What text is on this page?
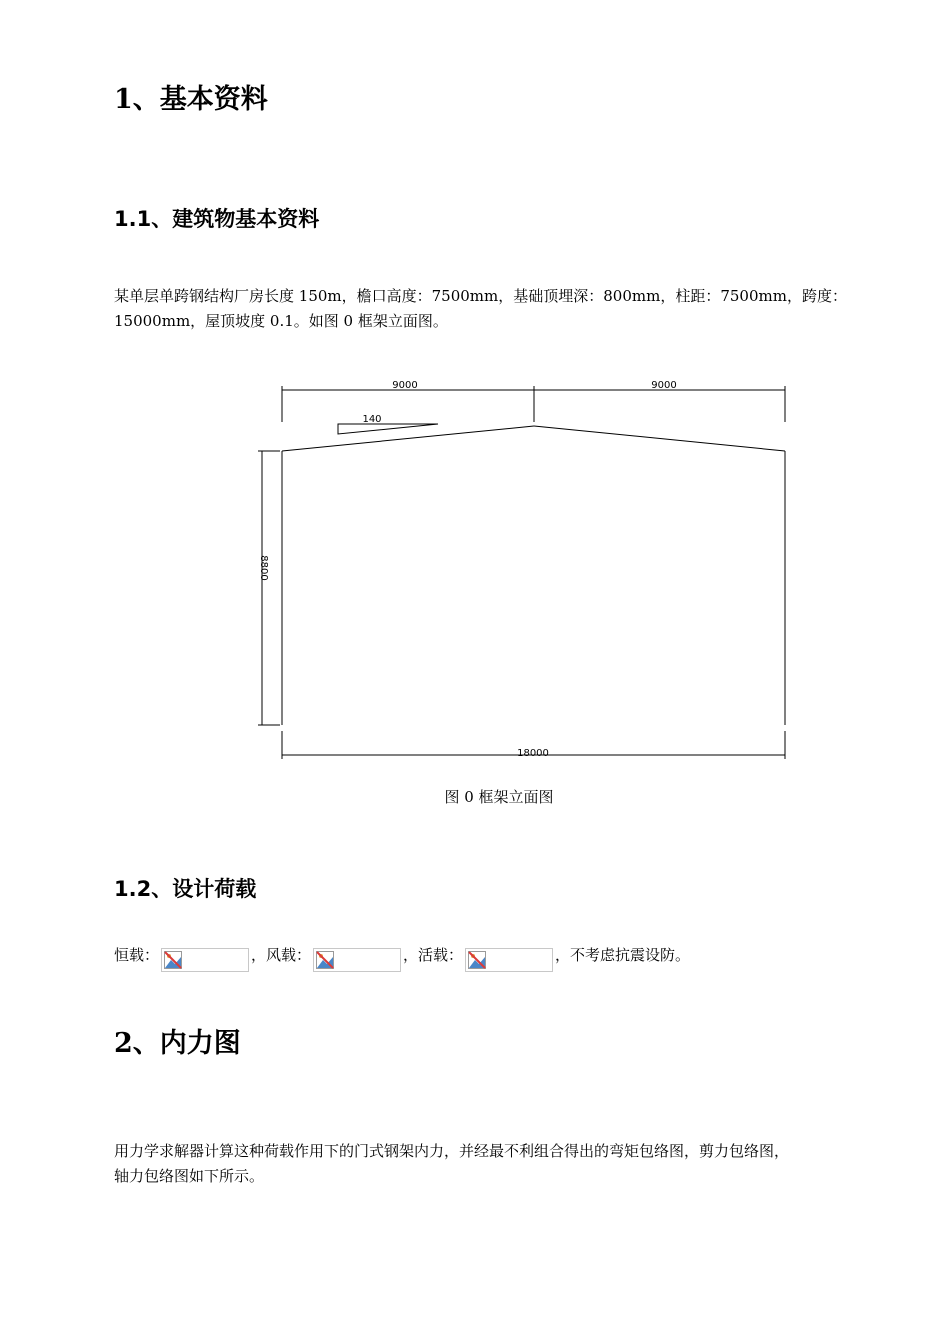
1、基本资料
1.1、建筑物基本资料
某单层单跨钢结构厂房长度 150m，檐口高度：7500mm，基础顶埋深：800mm，柱距：7500mm，跨度：
15000mm，屋顶坡度 0.1。如图 0 框架立面图。
9000	9000
140
8800
18000
图 0 框架立面图
1.2、设计荷载
恒载：	，风载：	，活载：	，不考虑抗震设防。
2、内力图
用力学求解器计算这种荷载作用下的门式钢架内力，并经最不利组合得出的弯矩包络图，剪力包络图，
轴力包络图如下所示。
